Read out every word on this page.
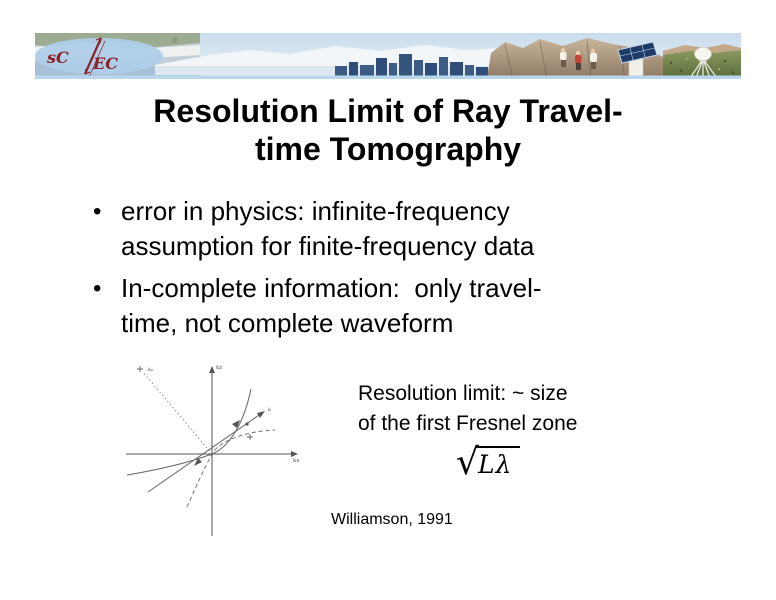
sC EC
Resolution Limit of Ray Travel-
time Tomography
• error in physics: infinite-frequency
assumption for finite-frequency data
• In-complete information:  only travel-
time, not complete waveform
kz
kx
k₀
k
Resolution limit: ~ size
of the first Fresnel zone
√ Lλ
Williamson, 1991
